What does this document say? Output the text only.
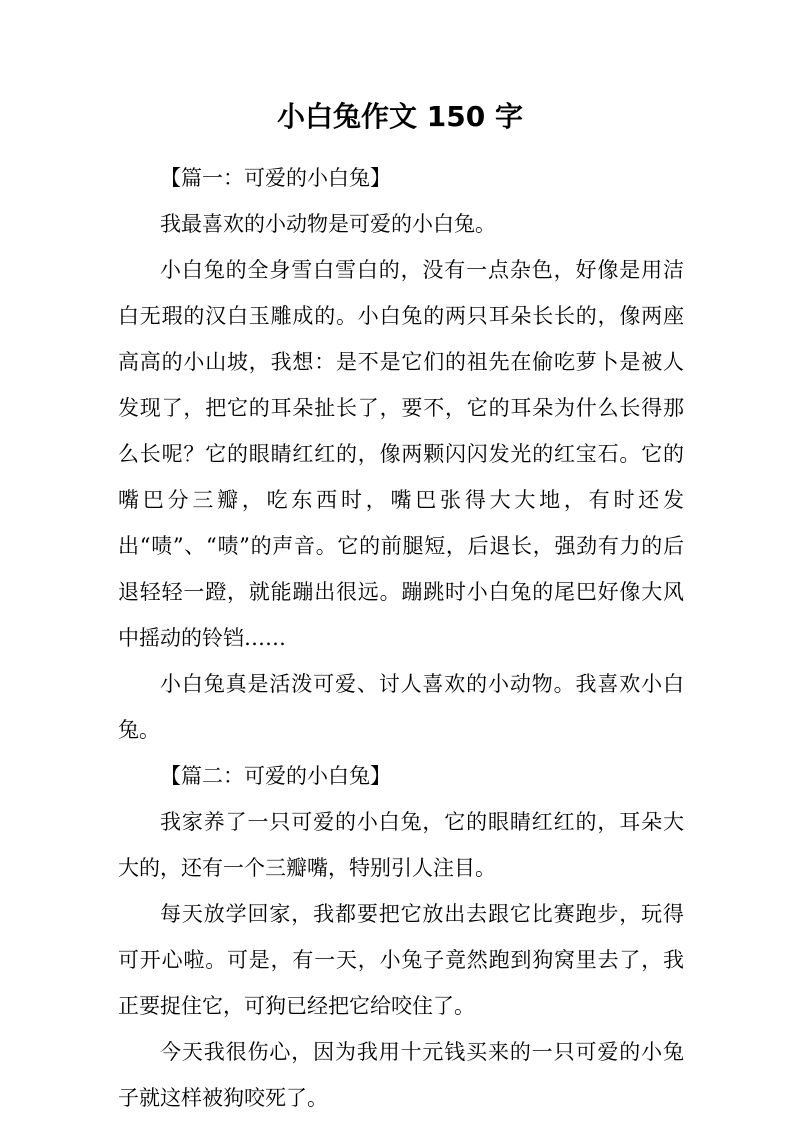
小白兔作文 150 字

【篇一：可爱的小白兔】

我最喜欢的小动物是可爱的小白兔。

小白兔的全身雪白雪白的，没有一点杂色，好像是用洁白无瑕的汉白玉雕成的。小白兔的两只耳朵长长的，像两座高高的小山坡，我想：是不是它们的祖先在偷吃萝卜是被人发现了，把它的耳朵扯长了，要不，它的耳朵为什么长得那么长呢？它的眼睛红红的，像两颗闪闪发光的红宝石。它的嘴巴分三瓣，吃东西时，嘴巴张得大大地，有时还发出“啧”、“啧”的声音。它的前腿短，后退长，强劲有力的后退轻轻一蹬，就能蹦出很远。蹦跳时小白兔的尾巴好像大风中摇动的铃铛……

小白兔真是活泼可爱、讨人喜欢的小动物。我喜欢小白兔。

【篇二：可爱的小白兔】

我家养了一只可爱的小白兔，它的眼睛红红的，耳朵大大的，还有一个三瓣嘴，特别引人注目。

每天放学回家，我都要把它放出去跟它比赛跑步，玩得可开心啦。可是，有一天，小兔子竟然跑到狗窝里去了，我正要捉住它，可狗已经把它给咬住了。

今天我很伤心，因为我用十元钱买来的一只可爱的小兔子就这样被狗咬死了。
